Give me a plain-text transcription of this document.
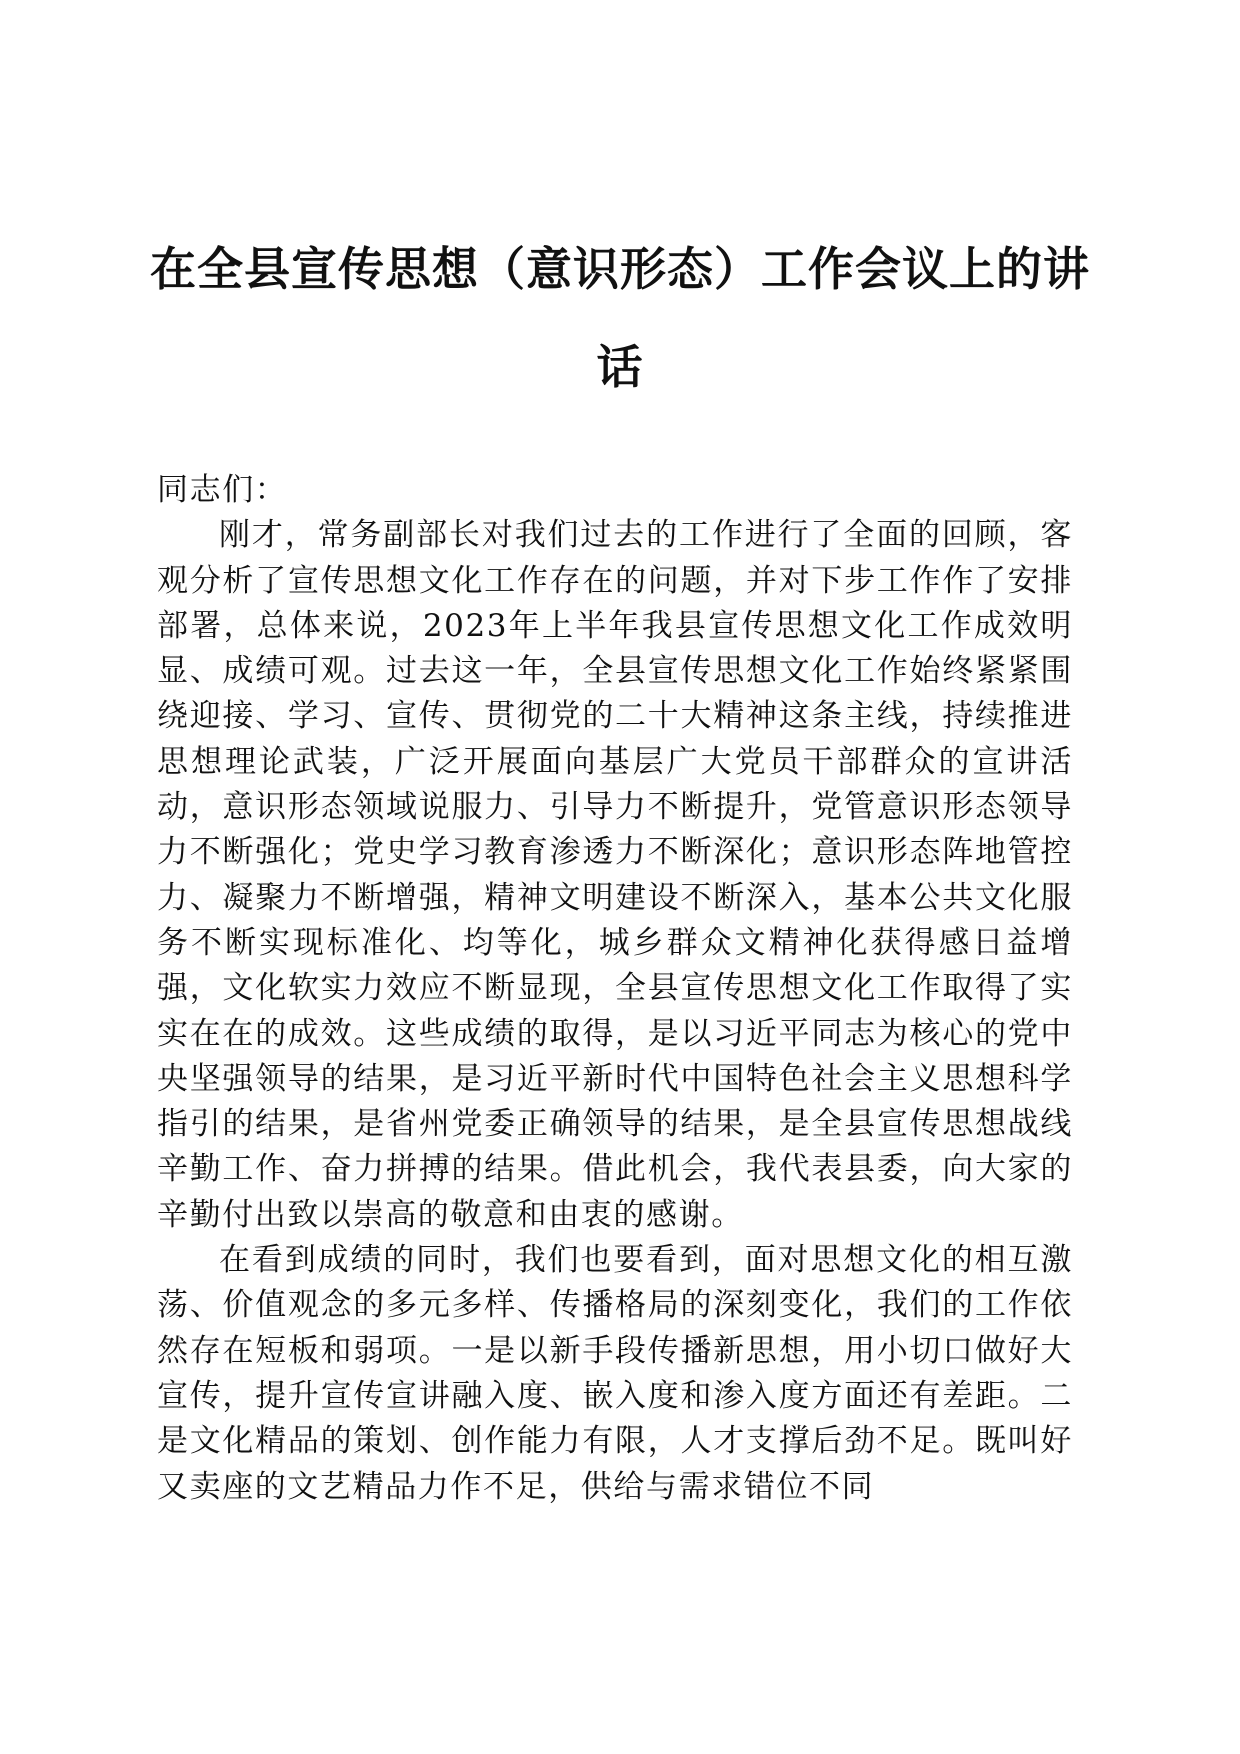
在全县宣传思想（意识形态）工作会议上的讲话

同志们：

刚才，常务副部长对我们过去的工作进行了全面的回顾，客观分析了宣传思想文化工作存在的问题，并对下步工作作了安排部署，总体来说，2023年上半年我县宣传思想文化工作成效明显、成绩可观。过去这一年，全县宣传思想文化工作始终紧紧围绕迎接、学习、宣传、贯彻党的二十大精神这条主线，持续推进思想理论武装，广泛开展面向基层广大党员干部群众的宣讲活动，意识形态领域说服力、引导力不断提升，党管意识形态领导力不断强化；党史学习教育渗透力不断深化；意识形态阵地管控力、凝聚力不断增强，精神文明建设不断深入，基本公共文化服务不断实现标准化、均等化，城乡群众文精神化获得感日益增强，文化软实力效应不断显现，全县宣传思想文化工作取得了实实在在的成效。这些成绩的取得，是以习近平同志为核心的党中央坚强领导的结果，是习近平新时代中国特色社会主义思想科学指引的结果，是省州党委正确领导的结果，是全县宣传思想战线辛勤工作、奋力拼搏的结果。借此机会，我代表县委，向大家的辛勤付出致以崇高的敬意和由衷的感谢。

在看到成绩的同时，我们也要看到，面对思想文化的相互激荡、价值观念的多元多样、传播格局的深刻变化，我们的工作依然存在短板和弱项。一是以新手段传播新思想，用小切口做好大宣传，提升宣传宣讲融入度、嵌入度和渗入度方面还有差距。二是文化精品的策划、创作能力有限，人才支撑后劲不足。既叫好又卖座的文艺精品力作不足，供给与需求错位不同
